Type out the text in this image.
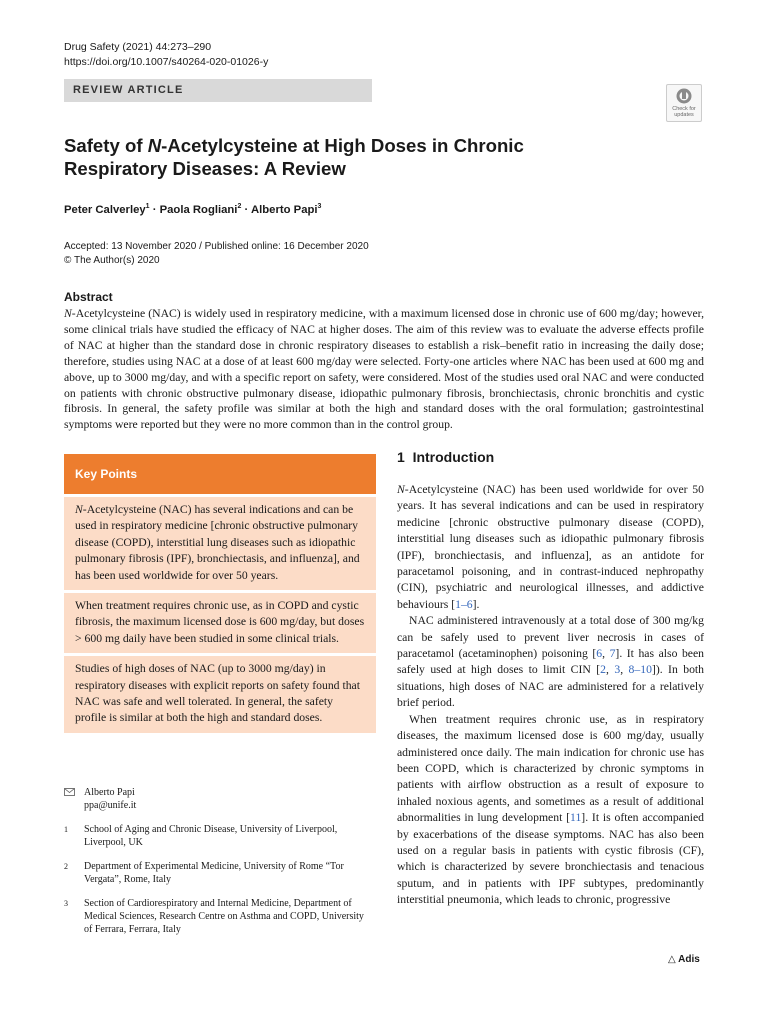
Drug Safety (2021) 44:273–290
https://doi.org/10.1007/s40264-020-01026-y
REVIEW ARTICLE
Check for updates
Safety of N-Acetylcysteine at High Doses in Chronic Respiratory Diseases: A Review
Peter Calverley$^1$ · Paola Rogliani$^2$ · Alberto Papi$^3$
Accepted: 13 November 2020 / Published online: 16 December 2020
© The Author(s) 2020
Abstract
N-Acetylcysteine (NAC) is widely used in respiratory medicine, with a maximum licensed dose in chronic use of 600 mg/day; however, some clinical trials have studied the efficacy of NAC at higher doses. The aim of this review was to evaluate the adverse effects profile of NAC at higher than the standard dose in chronic respiratory diseases to establish a risk–benefit ratio in increasing the daily dose; therefore, studies using NAC at a dose of at least 600 mg/day were selected. Forty-one articles where NAC has been used at 600 mg and above, up to 3000 mg/day, and with a specific report on safety, were considered. Most of the studies used oral NAC and were conducted on patients with chronic obstructive pulmonary disease, idiopathic pulmonary fibrosis, bronchiectasis, chronic bronchitis and cystic fibrosis. In general, the safety profile was similar at both the high and standard doses with the oral formulation; gastrointestinal symptoms were reported but they were no more common than in the control group.
Key Points
N-Acetylcysteine (NAC) has several indications and can be used in respiratory medicine [chronic obstructive pulmonary disease (COPD), interstitial lung diseases such as idiopathic pulmonary fibrosis (IPF), bronchiectasis, and influenza], and has been used worldwide for over 50 years.
When treatment requires chronic use, as in COPD and cystic fibrosis, the maximum licensed dose is 600 mg/day, but doses > 600 mg daily have been studied in some clinical trials.
Studies of high doses of NAC (up to 3000 mg/day) in respiratory diseases with explicit reports on safety found that NAC was safe and well tolerated. In general, the safety profile is similar at both the high and standard doses.
1 Introduction

N-Acetylcysteine (NAC) has been used worldwide for over 50 years. It has several indications and can be used in respiratory medicine [chronic obstructive pulmonary disease (COPD), interstitial lung diseases such as idiopathic pulmonary fibrosis (IPF), bronchiectasis, and influenza], as an antidote for paracetamol poisoning, and in contrast-induced nephropathy (CIN), psychiatric and neurological illnesses, and addictive behaviours [1–6].

NAC administered intravenously at a total dose of 300 mg/kg can be safely used to prevent liver necrosis in cases of paracetamol (acetaminophen) poisoning [6, 7]. It has also been safely used at high doses to limit CIN [2, 3, 8–10]). In both situations, high doses of NAC are administered for a relatively brief period.

When treatment requires chronic use, as in respiratory diseases, the maximum licensed dose is 600 mg/day, usually administered once daily. The main indication for chronic use has been COPD, which is characterized by chronic symptoms in patients with airflow obstruction as a result of exposure to inhaled noxious agents, and sometimes as a result of additional abnormalities in lung development [11]. It is often accompanied by exacerbations of the disease symptoms. NAC has also been used on a regular basis in patients with cystic fibrosis (CF), which is characterized by severe bronchiectasis and tenacious sputum, and in patients with IPF subtypes, predominantly interstitial pneumonia, which leads to chronic, progressive

Alberto Papi
ppa@unife.it
1 School of Aging and Chronic Disease, University of Liverpool, Liverpool, UK
2 Department of Experimental Medicine, University of Rome “Tor Vergata”, Rome, Italy
3 Section of Cardiorespiratory and Internal Medicine, Department of Medical Sciences, Research Centre on Asthma and COPD, University of Ferrara, Ferrara, Italy
△ Adis
